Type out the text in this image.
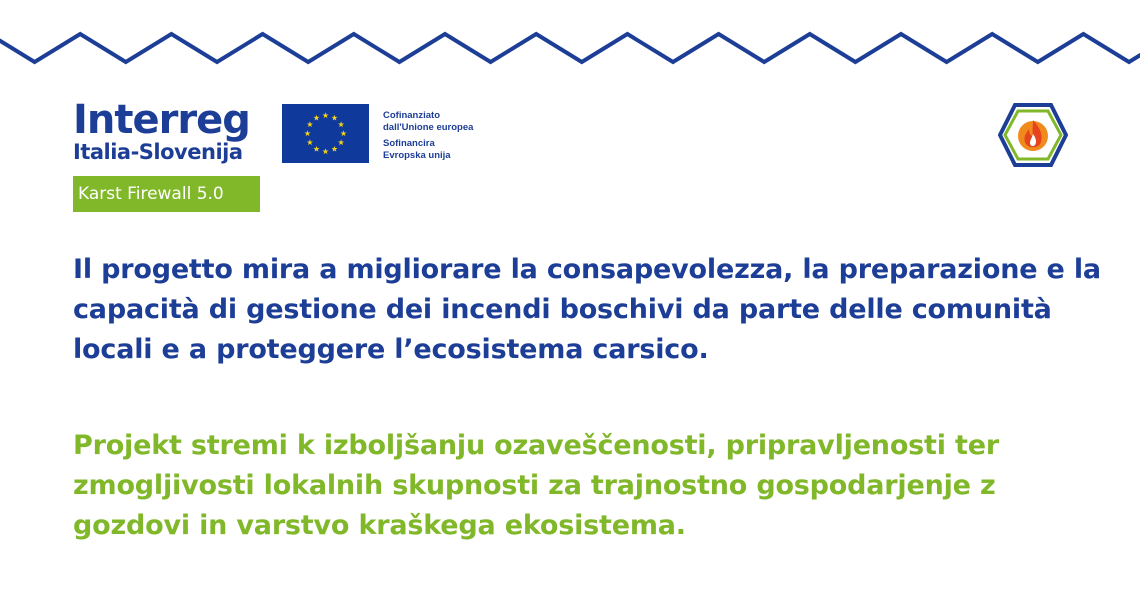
Interreg
Italia-Slovenija
Karst Firewall 5.0
Cofinanziato
dall'Unione europea
Sofinancira
Evropska unija

Il progetto mira a migliorare la consapevolezza, la preparazione e la capacità di gestione dei incendi boschivi da parte delle comunità locali e a proteggere l’ecosistema carsico.

Projekt stremi k izboljšanju ozaveščenosti, pripravljenosti ter zmogljivosti lokalnih skupnosti za trajnostno gospodarjenje z gozdovi in varstvo kraškega ekosistema.
